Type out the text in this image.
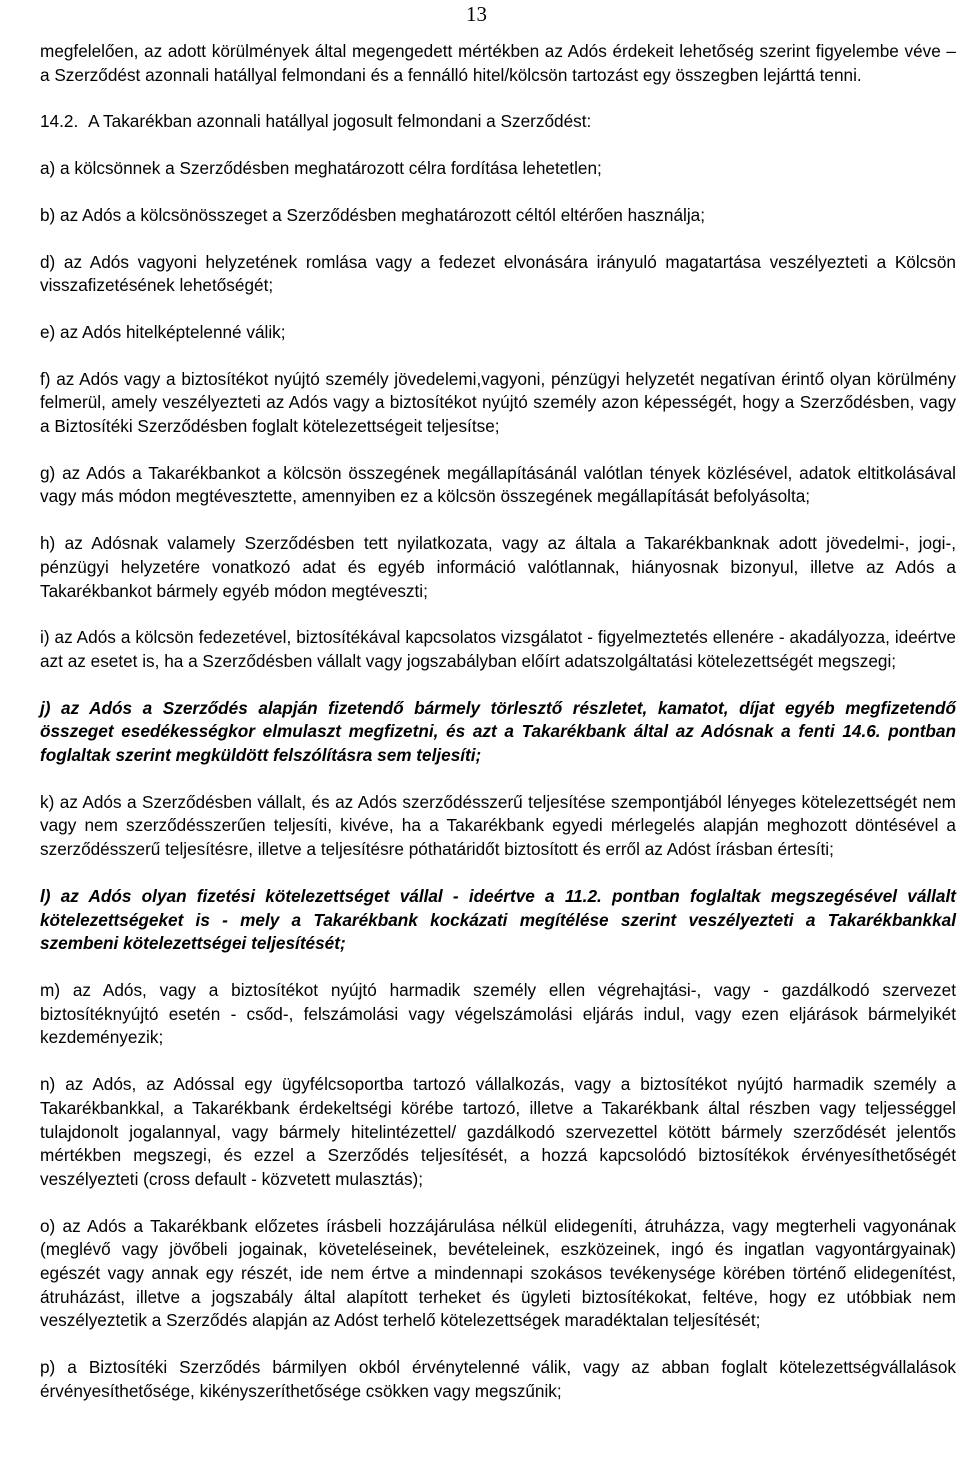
13

megfelelően, az adott körülmények által megengedett mértékben az Adós érdekeit lehetőség szerint figyelembe véve – a Szerződést azonnali hatállyal felmondani és a fennálló hitel/kölcsön tartozást egy összegben lejárttá tenni.

14.2. A Takarékban azonnali hatállyal jogosult felmondani a Szerződést:

a) a kölcsönnek a Szerződésben meghatározott célra fordítása lehetetlen;

b) az Adós a kölcsönösszeget a Szerződésben meghatározott céltól eltérően használja;

d) az Adós vagyoni helyzetének romlása vagy a fedezet elvonására irányuló magatartása veszélyezteti a Kölcsön visszafizetésének lehetőségét;

e) az Adós hitelképtelenné válik;

f) az Adós vagy a biztosítékot nyújtó személy jövedelemi,vagyoni, pénzügyi helyzetét negatívan érintő olyan körülmény felmerül, amely veszélyezteti az Adós vagy a biztosítékot nyújtó személy azon képességét, hogy a Szerződésben, vagy a Biztosítéki Szerződésben foglalt kötelezettségeit teljesítse;

g) az Adós a Takarékbankot a kölcsön összegének megállapításánál valótlan tények közlésével, adatok eltitkolásával vagy más módon megtévesztette, amennyiben ez a kölcsön összegének megállapítását befolyásolta;

h) az Adósnak valamely Szerződésben tett nyilatkozata, vagy az általa a Takarékbanknak adott jövedelmi-, jogi-, pénzügyi helyzetére vonatkozó adat és egyéb információ valótlannak, hiányosnak bizonyul, illetve az Adós a Takarékbankot bármely egyéb módon megtéveszti;

i) az Adós a kölcsön fedezetével, biztosítékával kapcsolatos vizsgálatot - figyelmeztetés ellenére - akadályozza, ideértve azt az esetet is, ha a Szerződésben vállalt vagy jogszabályban előírt adatszolgáltatási kötelezettségét megszegi;

j) az Adós a Szerződés alapján fizetendő bármely törlesztő részletet, kamatot, díjat egyéb megfizetendő összeget esedékességkor elmulaszt megfizetni, és azt a Takarékbank által az Adósnak a fenti 14.6. pontban foglaltak szerint megküldött felszólításra sem teljesíti;

k) az Adós a Szerződésben vállalt, és az Adós szerződésszerű teljesítése szempontjából lényeges kötelezettségét nem vagy nem szerződésszerűen teljesíti, kivéve, ha a Takarékbank egyedi mérlegelés alapján meghozott döntésével a szerződésszerű teljesítésre, illetve a teljesítésre póthatáridőt biztosított és erről az Adóst írásban értesíti;

l) az Adós olyan fizetési kötelezettséget vállal - ideértve a 11.2. pontban foglaltak megszegésével vállalt kötelezettségeket is - mely a Takarékbank kockázati megítélése szerint veszélyezteti a Takarékbankkal szembeni kötelezettségei teljesítését;

m) az Adós, vagy a biztosítékot nyújtó harmadik személy ellen végrehajtási-, vagy - gazdálkodó szervezet biztosítéknyújtó esetén - csőd-, felszámolási vagy végelszámolási eljárás indul, vagy ezen eljárások bármelyikét kezdeményezik;

n) az Adós, az Adóssal egy ügyfélcsoportba tartozó vállalkozás, vagy a biztosítékot nyújtó harmadik személy a Takarékbankkal, a Takarékbank érdekeltségi körébe tartozó, illetve a Takarékbank által részben vagy teljességgel tulajdonolt jogalannyal, vagy bármely hitelintézettel/ gazdálkodó szervezettel kötött bármely szerződését jelentős mértékben megszegi, és ezzel a Szerződés teljesítését, a hozzá kapcsolódó biztosítékok érvényesíthetőségét veszélyezteti (cross default - közvetett mulasztás);

o) az Adós a Takarékbank előzetes írásbeli hozzájárulása nélkül elidegeníti, átruházza, vagy megterheli vagyonának (meglévő vagy jövőbeli jogainak, követeléseinek, bevételeinek, eszközeinek, ingó és ingatlan vagyontárgyainak) egészét vagy annak egy részét, ide nem értve a mindennapi szokásos tevékenysége körében történő elidegenítést, átruházást, illetve a jogszabály által alapított terheket és ügyleti biztosítékokat, feltéve, hogy ez utóbbiak nem veszélyeztetik a Szerződés alapján az Adóst terhelő kötelezettségek maradéktalan teljesítését;

p) a Biztosítéki Szerződés bármilyen okból érvénytelenné válik, vagy az abban foglalt kötelezettségvállalások érvényesíthetősége, kikényszeríthetősége csökken vagy megszűnik;
